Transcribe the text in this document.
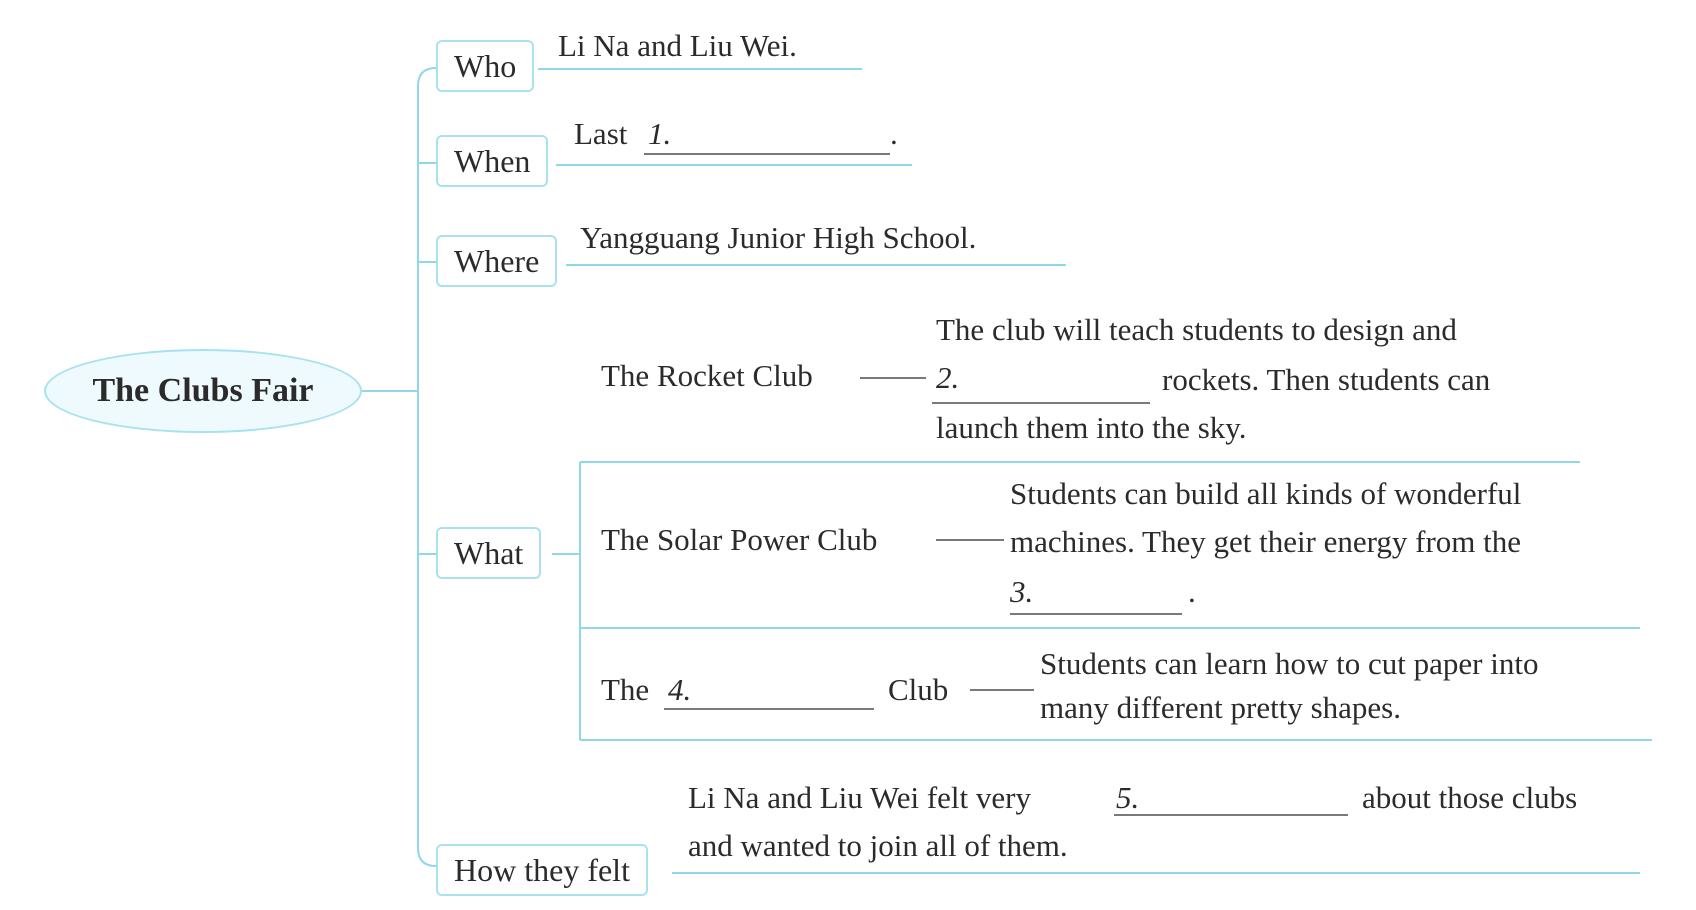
The Clubs Fair
Who
Li Na and Liu Wei.
When
Last 1.	.
Where
Yangguang Junior High School.
What
The Rocket Club
The club will teach students to design and
2.	rockets. Then students can
launch them into the sky.
The Solar Power Club
Students can build all kinds of wonderful
machines. They get their energy from the
3.	.
The 4.	Club
Students can learn how to cut paper into
many different pretty shapes.
How they felt
Li Na and Liu Wei felt very	5.	about those clubs
and wanted to join all of them.
